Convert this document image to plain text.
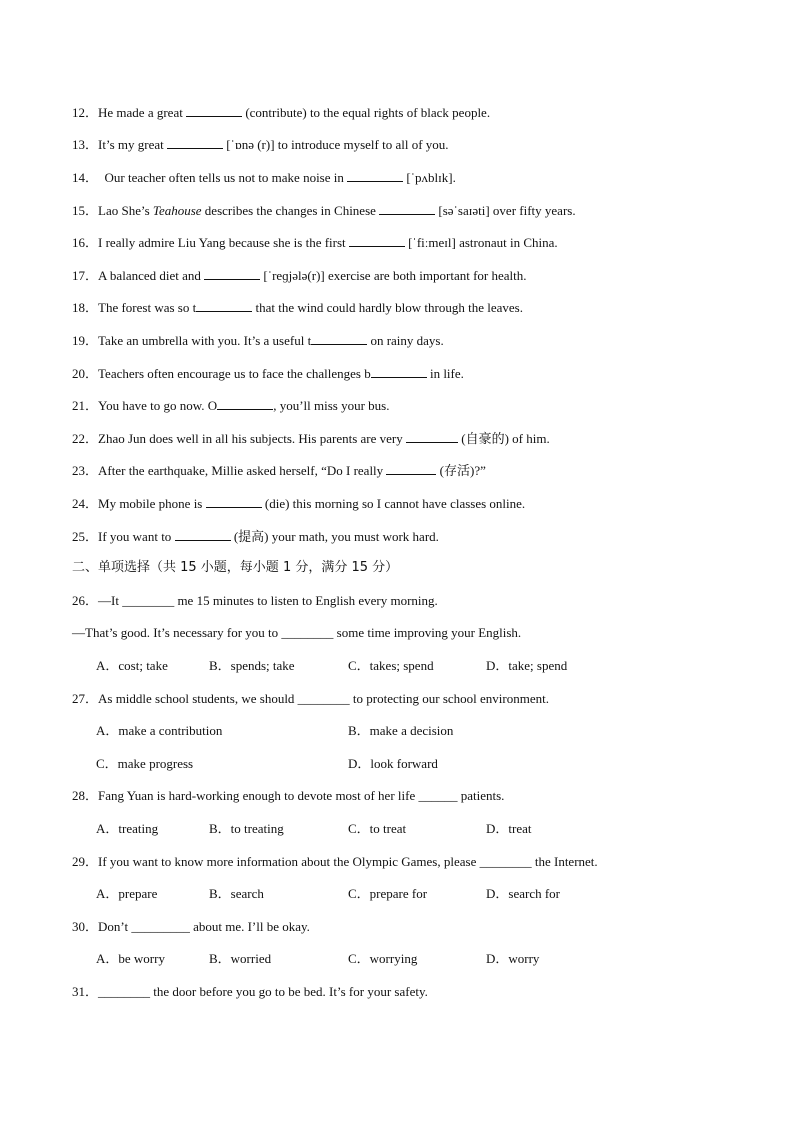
12．He made a great	(contribute) to the equal rights of black people.
13．It’s my great	[ˈɒnə (r)] to introduce myself to all of you.
14．  Our teacher often tells us not to make noise in	[ˈpʌblɪk].
15．Lao She’s Teahouse describes the changes in Chinese	[səˈsaɪəti] over fifty years.
16．I really admire Liu Yang because she is the first	[ˈfiːmeɪl] astronaut in China.
17．A balanced diet and	[ˈreɡjələ(r)] exercise are both important for health.
18．The forest was so t	that the wind could hardly blow through the leaves.
19．Take an umbrella with you. It’s a useful t	on rainy days.
20．Teachers often encourage us to face the challenges b	in life.
21．You have to go now. O	, you’ll miss your bus.
22．Zhao Jun does well in all his subjects. His parents are very	(自豪的) of him.
23．After the earthquake, Millie asked herself, “Do I really	(存活)?”
24．My mobile phone is	(die) this morning so I cannot have classes online.
25．If you want to	(提高) your math, you must work hard.
二、单项选择（共 15 小题，每小题 1 分，满分 15 分）
26．—It ________ me 15 minutes to listen to English every morning.
—That’s good. It’s necessary for you to ________ some time improving your English.
A．cost; take	B．spends; take	C．takes; spend	D．take; spend
27．As middle school students, we should ________ to protecting our school environment.
A．make a contribution	B．make a decision
C．make progress	D．look forward
28．Fang Yuan is hard-working enough to devote most of her life ______ patients.
A．treating	B．to treating	C．to treat	D．treat
29．If you want to know more information about the Olympic Games, please ________ the Internet.
A．prepare	B．search	C．prepare for	D．search for
30．Don’t _________ about me. I’ll be okay.
A．be worry	B．worried	C．worrying	D．worry
31．________ the door before you go to be bed. It’s for your safety.
